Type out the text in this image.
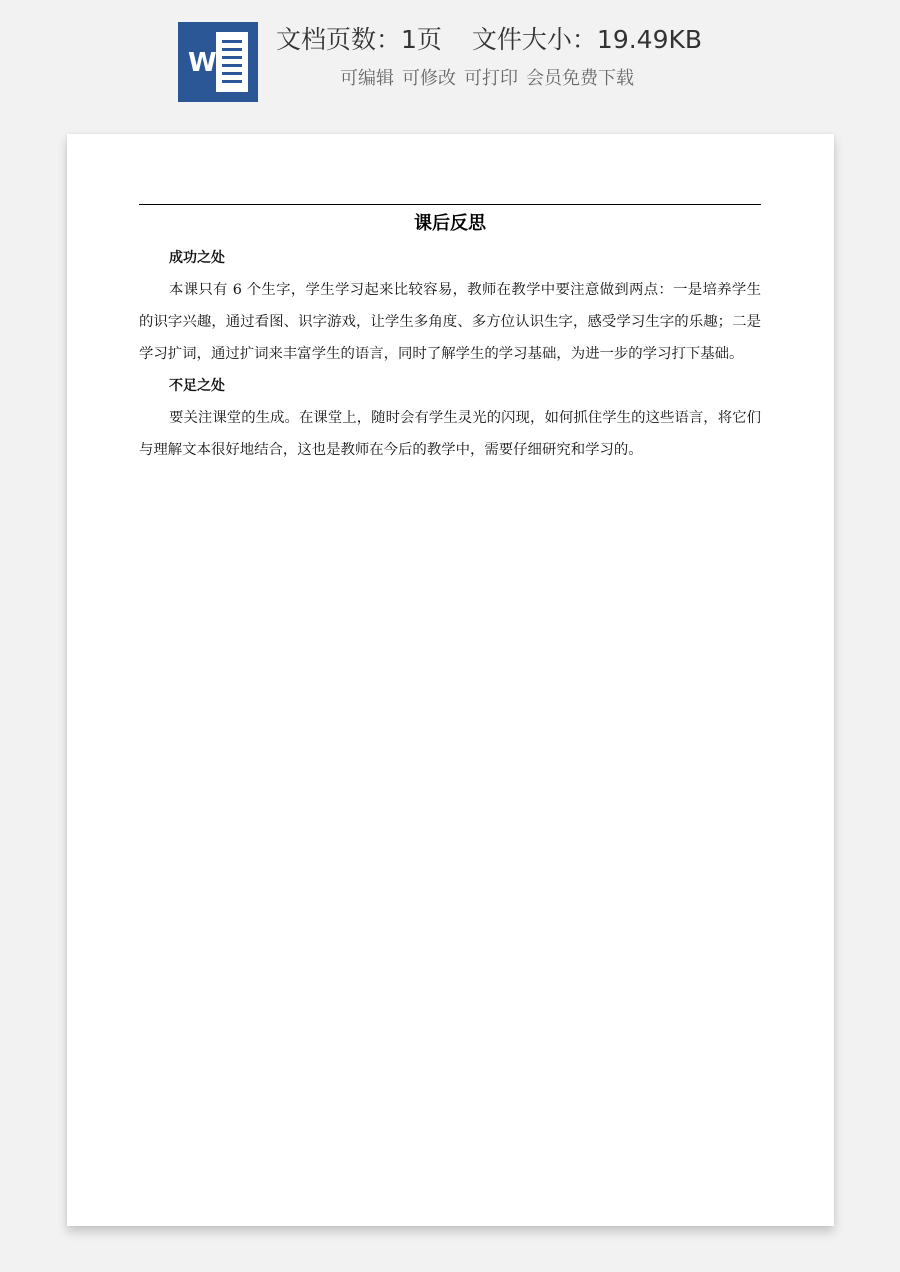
W
文档页数：1页 文件大小：19.49KB
可编辑 可修改 可打印 会员免费下载
课后反思
成功之处
本课只有 6 个生字，学生学习起来比较容易，教师在教学中要注意做到两点：一是培养学生的识字兴趣，通过看图、识字游戏，让学生多角度、多方位认识生字，感受学习生字的乐趣；二是学习扩词，通过扩词来丰富学生的语言，同时了解学生的学习基础，为进一步的学习打下基础。
不足之处
要关注课堂的生成。在课堂上，随时会有学生灵光的闪现，如何抓住学生的这些语言，将它们与理解文本很好地结合，这也是教师在今后的教学中，需要仔细研究和学习的。
